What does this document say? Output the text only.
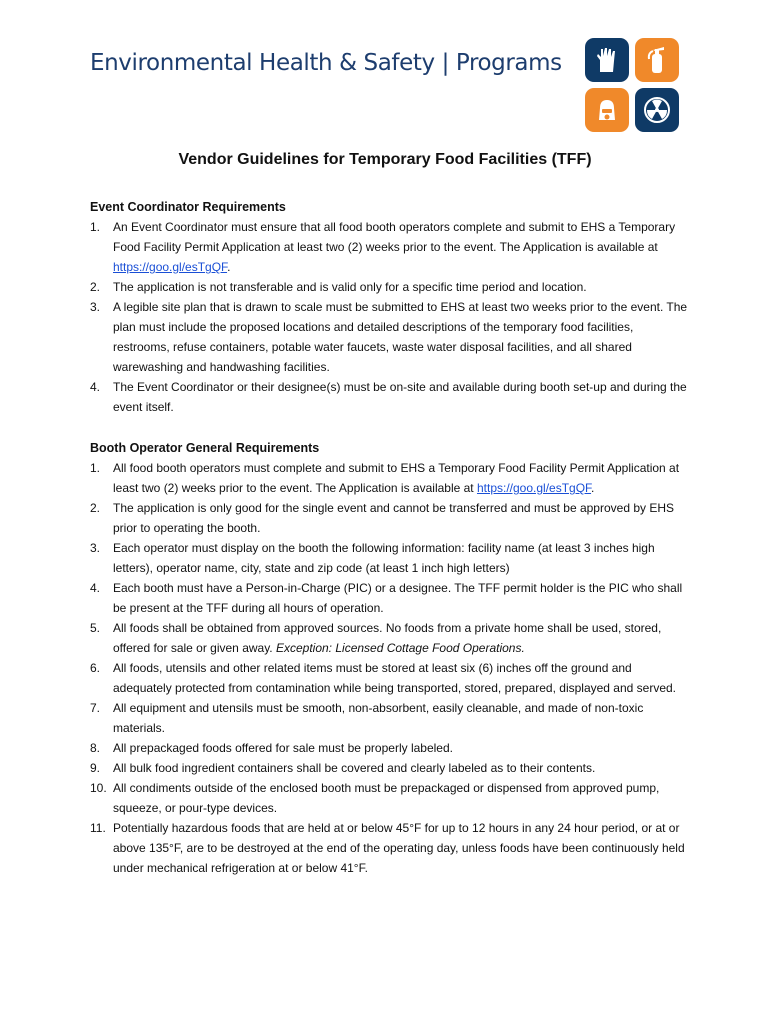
Environmental Health & Safety | Programs
Vendor Guidelines for Temporary Food Facilities (TFF)
Event Coordinator Requirements
1. An Event Coordinator must ensure that all food booth operators complete and submit to EHS a Temporary Food Facility Permit Application at least two (2) weeks prior to the event. The Application is available at https://goo.gl/esTgQF.
2. The application is not transferable and is valid only for a specific time period and location.
3. A legible site plan that is drawn to scale must be submitted to EHS at least two weeks prior to the event. The plan must include the proposed locations and detailed descriptions of the temporary food facilities, restrooms, refuse containers, potable water faucets, waste water disposal facilities, and all shared warewashing and handwashing facilities.
4. The Event Coordinator or their designee(s) must be on-site and available during booth set-up and during the event itself.
Booth Operator General Requirements
1. All food booth operators must complete and submit to EHS a Temporary Food Facility Permit Application at least two (2) weeks prior to the event. The Application is available at https://goo.gl/esTgQF.
2. The application is only good for the single event and cannot be transferred and must be approved by EHS prior to operating the booth.
3. Each operator must display on the booth the following information: facility name (at least 3 inches high letters), operator name, city, state and zip code (at least 1 inch high letters)
4. Each booth must have a Person-in-Charge (PIC) or a designee. The TFF permit holder is the PIC who shall be present at the TFF during all hours of operation.
5. All foods shall be obtained from approved sources. No foods from a private home shall be used, stored, offered for sale or given away. Exception: Licensed Cottage Food Operations.
6. All foods, utensils and other related items must be stored at least six (6) inches off the ground and adequately protected from contamination while being transported, stored, prepared, displayed and served.
7. All equipment and utensils must be smooth, non-absorbent, easily cleanable, and made of non-toxic materials.
8. All prepackaged foods offered for sale must be properly labeled.
9. All bulk food ingredient containers shall be covered and clearly labeled as to their contents.
10. All condiments outside of the enclosed booth must be prepackaged or dispensed from approved pump, squeeze, or pour-type devices.
11. Potentially hazardous foods that are held at or below 45°F for up to 12 hours in any 24 hour period, or at or above 135°F, are to be destroyed at the end of the operating day, unless foods have been continuously held under mechanical refrigeration at or below 41°F.
